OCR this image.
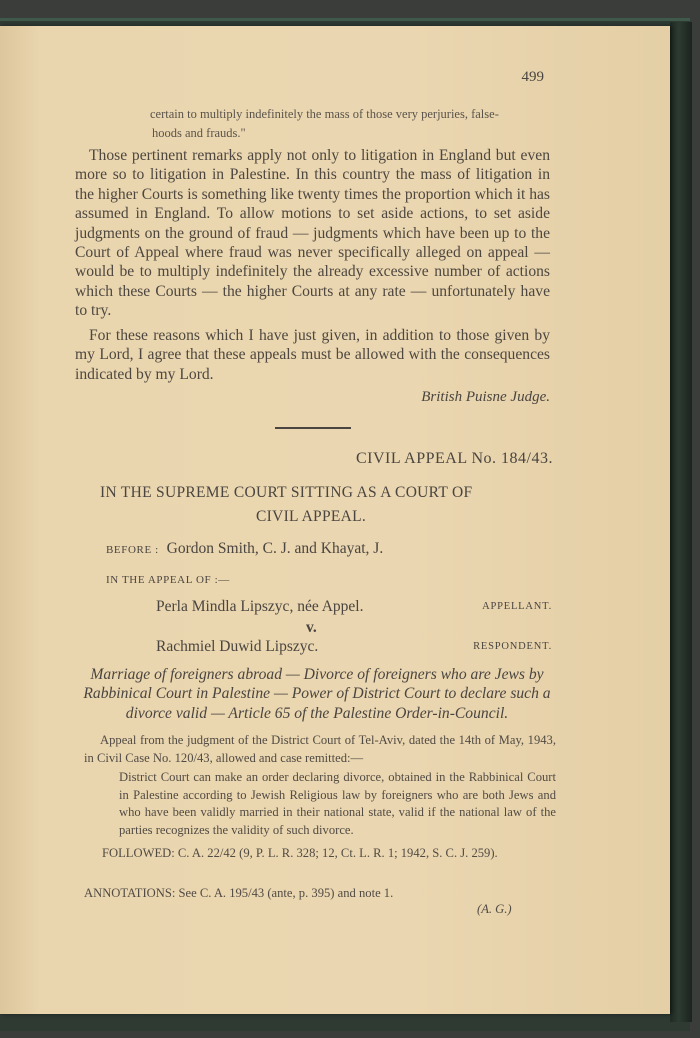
499
certain to multiply indefinitely the mass of those very perjuries, false-
hoods and frauds."
Those pertinent remarks apply not only to litigation in England but even more so to litigation in Palestine. In this country the mass of litigation in the higher Courts is something like twenty times the proportion which it has assumed in England. To allow motions to set aside actions, to set aside judgments on the ground of fraud — judgments which have been up to the Court of Appeal where fraud was never specifically alleged on appeal — would be to multiply indefinitely the already excessive number of actions which these Courts — the higher Courts at any rate — unfortunately have to try.
For these reasons which I have just given, in addition to those given by my Lord, I agree that these appeals must be allowed with the consequences indicated by my Lord.
British Puisne Judge.
CIVIL APPEAL No. 184/43.
IN THE SUPREME COURT SITTING AS A COURT OF
CIVIL APPEAL.
BEFORE : Gordon Smith, C. J. and Khayat, J.
IN THE APPEAL OF :—
Perla Mindla Lipszyc, née Appel.	APPELLANT.
v.
Rachmiel Duwid Lipszyc.	RESPONDENT.
Marriage of foreigners abroad — Divorce of foreigners who are Jews by Rabbinical Court in Palestine — Power of District Court to declare such a divorce valid — Article 65 of the Palestine Order-in-Council.
Appeal from the judgment of the District Court of Tel-Aviv, dated the 14th of May, 1943, in Civil Case No. 120/43, allowed and case remitted:—
District Court can make an order declaring divorce, obtained in the Rabbinical Court in Palestine according to Jewish Religious law by foreigners who are both Jews and who have been validly married in their national state, valid if the national law of the parties recognizes the validity of such divorce.
FOLLOWED: C. A. 22/42 (9, P. L. R. 328; 12, Ct. L. R. 1; 1942, S. C. J. 259).
ANNOTATIONS: See C. A. 195/43 (ante, p. 395) and note 1.
(A. G.)
